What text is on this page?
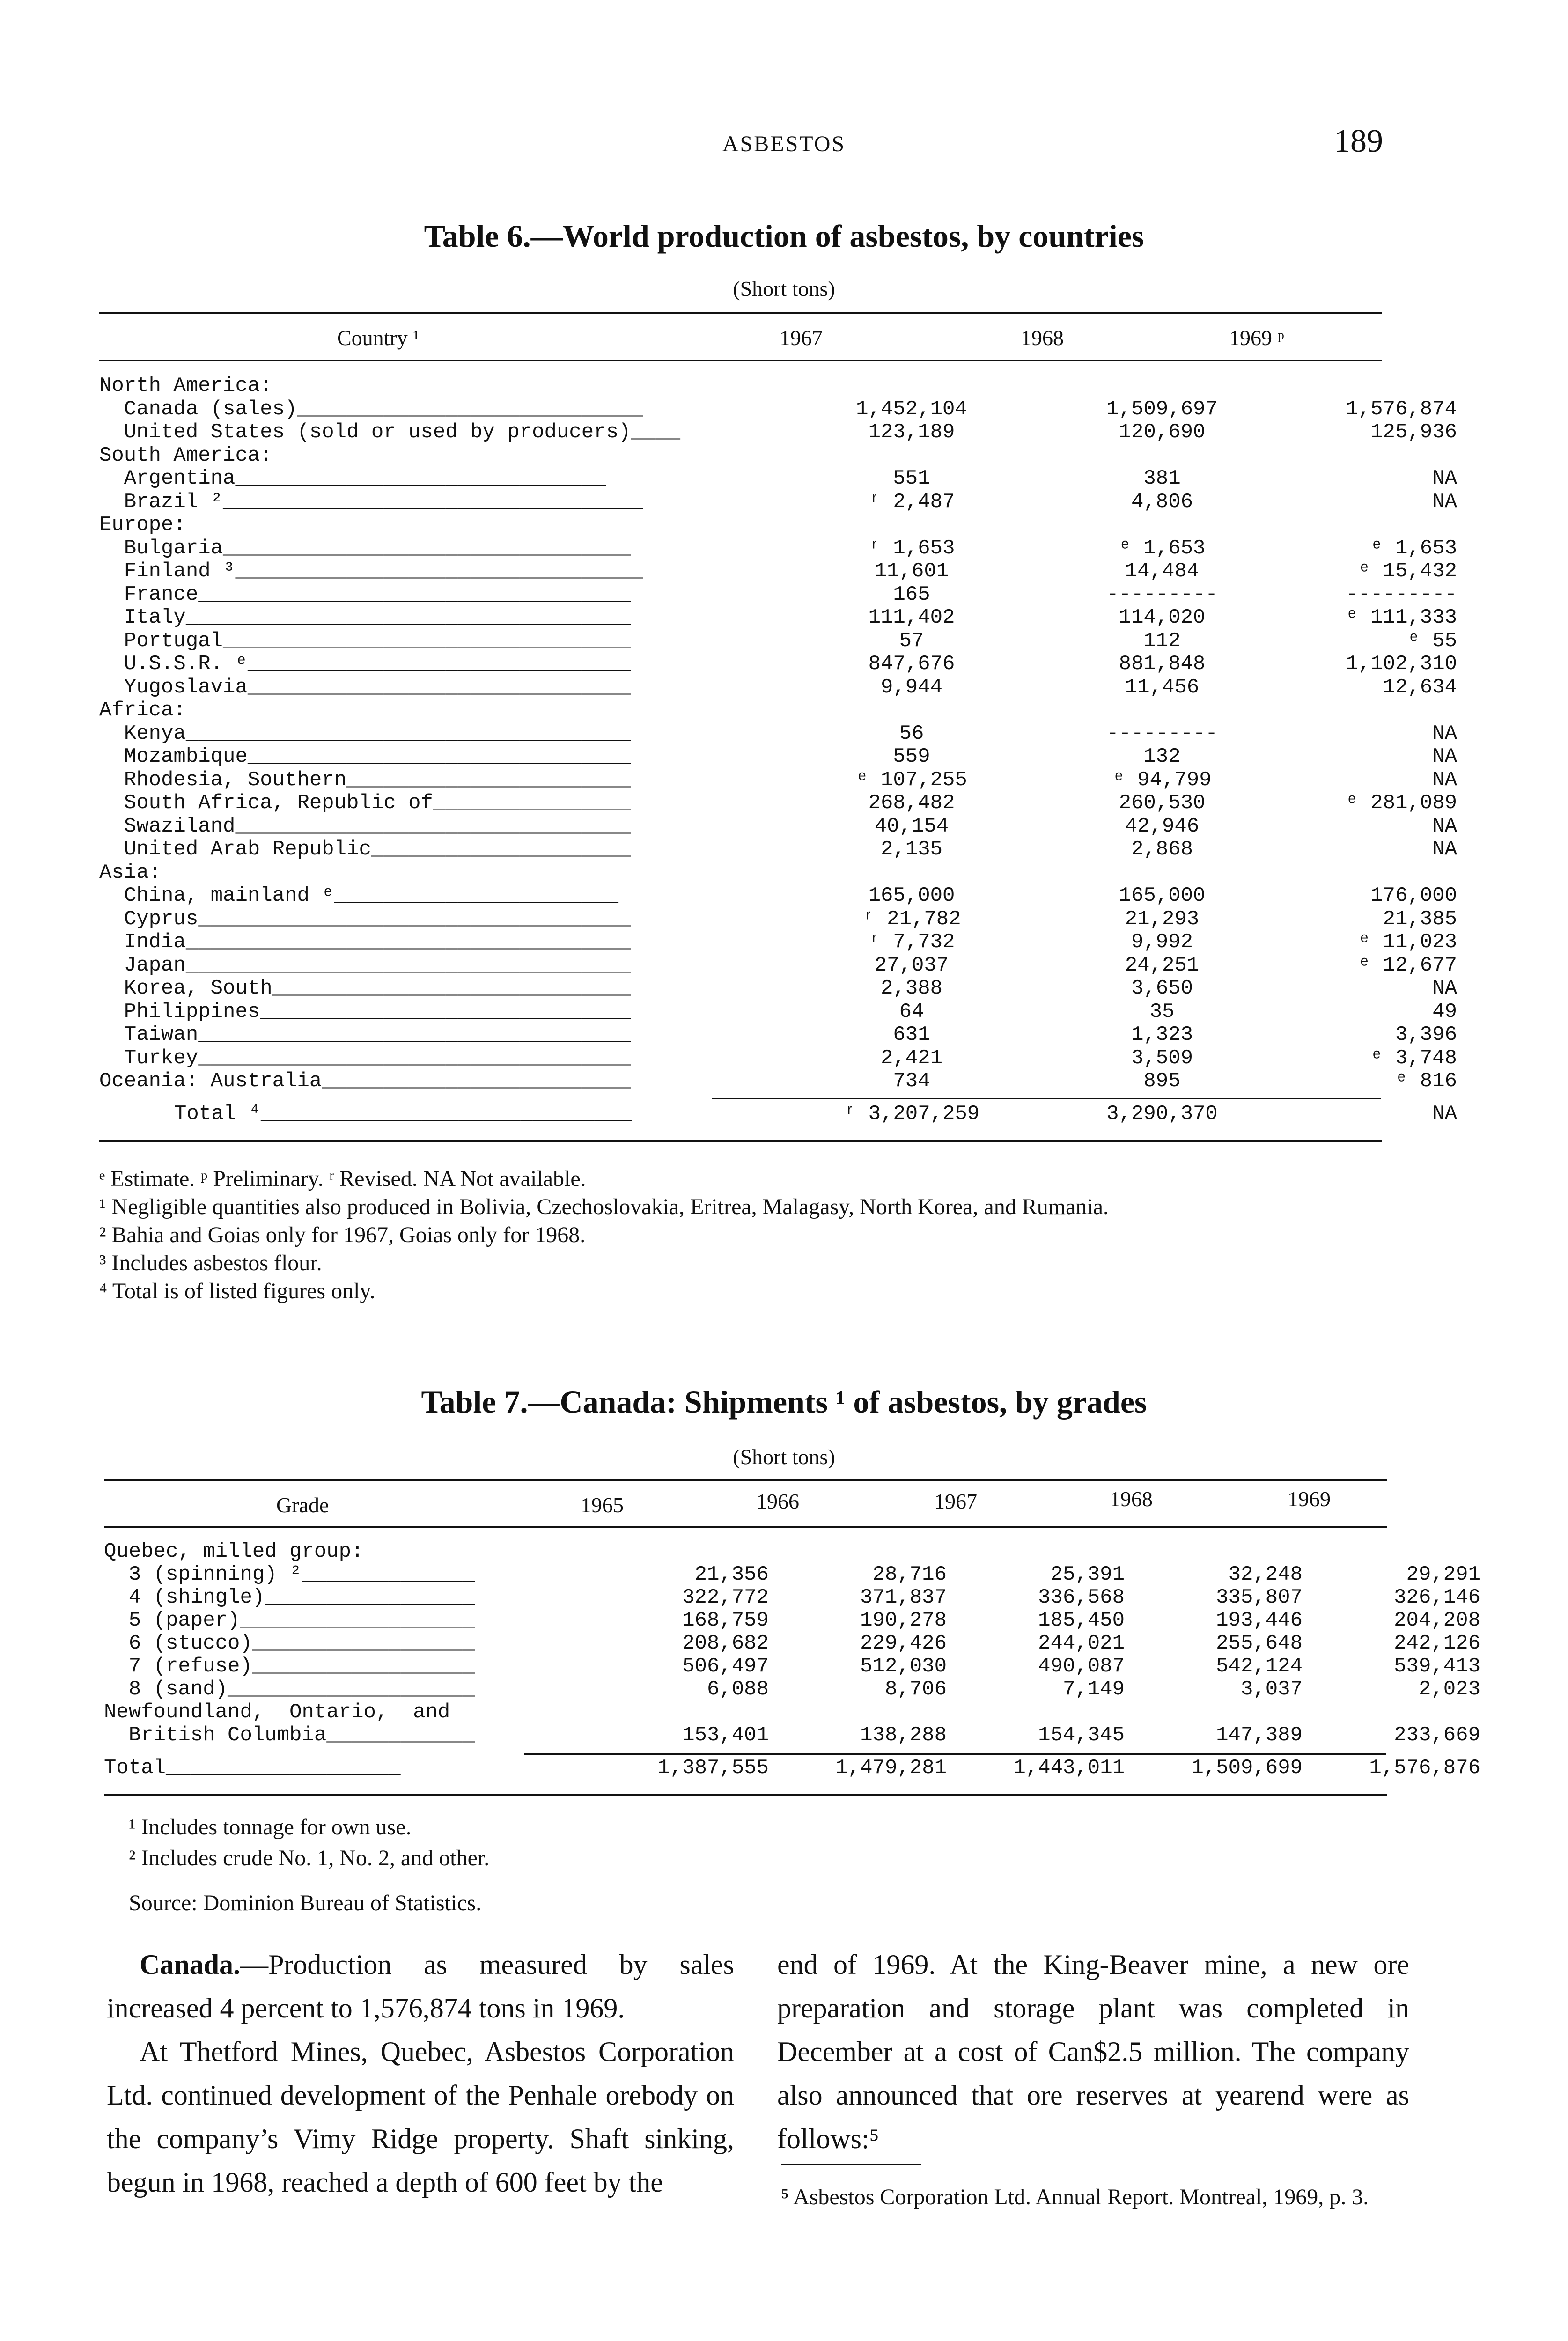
ASBESTOS	189
Table 6.—World production of asbestos, by countries
(Short tons)
Country ¹	1967	1968	1969 ᵖ
North America:
Canada (sales)____________________________	1,452,104	1,509,697	1,576,874
United States (sold or used by producers)____	123,189	120,690	125,936
South America:
Argentina______________________________	551	381	NA
Brazil ²__________________________________	ʳ 2,487	4,806	NA
Europe:
Bulgaria_________________________________	ʳ 1,653	ᵉ 1,653	ᵉ 1,653
Finland ³_________________________________	11,601	14,484	ᵉ 15,432
France___________________________________	165	---------	---------
Italy____________________________________	111,402	114,020	ᵉ 111,333
Portugal_________________________________	57	112	ᵉ 55
U.S.S.R. ᵉ_______________________________	847,676	881,848	1,102,310
Yugoslavia_______________________________	9,944	11,456	12,634
Africa:
Kenya____________________________________	56	---------	NA
Mozambique_______________________________	559	132	NA
Rhodesia, Southern_______________________	ᵉ 107,255	ᵉ 94,799	NA
South Africa, Republic of________________	268,482	260,530	ᵉ 281,089
Swaziland________________________________	40,154	42,946	NA
United Arab Republic_____________________	2,135	2,868	NA
Asia:
China, mainland ᵉ_______________________	165,000	165,000	176,000
Cyprus___________________________________	ʳ 21,782	21,293	21,385
India____________________________________	ʳ 7,732	9,992	ᵉ 11,023
Japan____________________________________	27,037	24,251	ᵉ 12,677
Korea, South_____________________________	2,388	3,650	NA
Philippines______________________________	64	35	49
Taiwan___________________________________	631	1,323	3,396
Turkey___________________________________	2,421	3,509	ᵉ 3,748
Oceania: Australia_________________________	734	895	ᵉ 816
Total ⁴______________________________	ʳ 3,207,259	3,290,370	NA
ᵉ Estimate. ᵖ Preliminary. ʳ Revised. NA Not available.
¹ Negligible quantities also produced in Bolivia, Czechoslovakia, Eritrea, Malagasy, North Korea, and Rumania.
² Bahia and Goias only for 1967, Goias only for 1968.
³ Includes asbestos flour.
⁴ Total is of listed figures only.
Table 7.—Canada: Shipments ¹ of asbestos, by grades
(Short tons)
Grade	1965	1966	1967	1968	1969
Quebec, milled group:
3 (spinning) ²______________	21,356	28,716	25,391	32,248	29,291
4 (shingle)_________________	322,772	371,837	336,568	335,807	326,146
5 (paper)___________________	168,759	190,278	185,450	193,446	204,208
6 (stucco)__________________	208,682	229,426	244,021	255,648	242,126
7 (refuse)__________________	506,497	512,030	490,087	542,124	539,413
8 (sand)____________________	6,088	8,706	7,149	3,037	2,023
Newfoundland,  Ontario,  and
British Columbia____________	153,401	138,288	154,345	147,389	233,669
Total___________________	1,387,555	1,479,281	1,443,011	1,509,699	1,576,876
¹ Includes tonnage for own use.
² Includes crude No. 1, No. 2, and other.
Source: Dominion Bureau of Statistics.

Canada.—Production as measured by sales increased 4 percent to 1,576,874 tons in 1969.

At Thetford Mines, Quebec, Asbestos Corporation Ltd. continued development of the Penhale orebody on the company’s Vimy Ridge property. Shaft sinking, begun in 1968, reached a depth of 600 feet by the

end of 1969. At the King-Beaver mine, a new ore preparation and storage plant was completed in December at a cost of Can$2.5 million. The company also announced that ore reserves at yearend were as follows:⁵

⁵ Asbestos Corporation Ltd. Annual Report. Montreal, 1969, p. 3.
